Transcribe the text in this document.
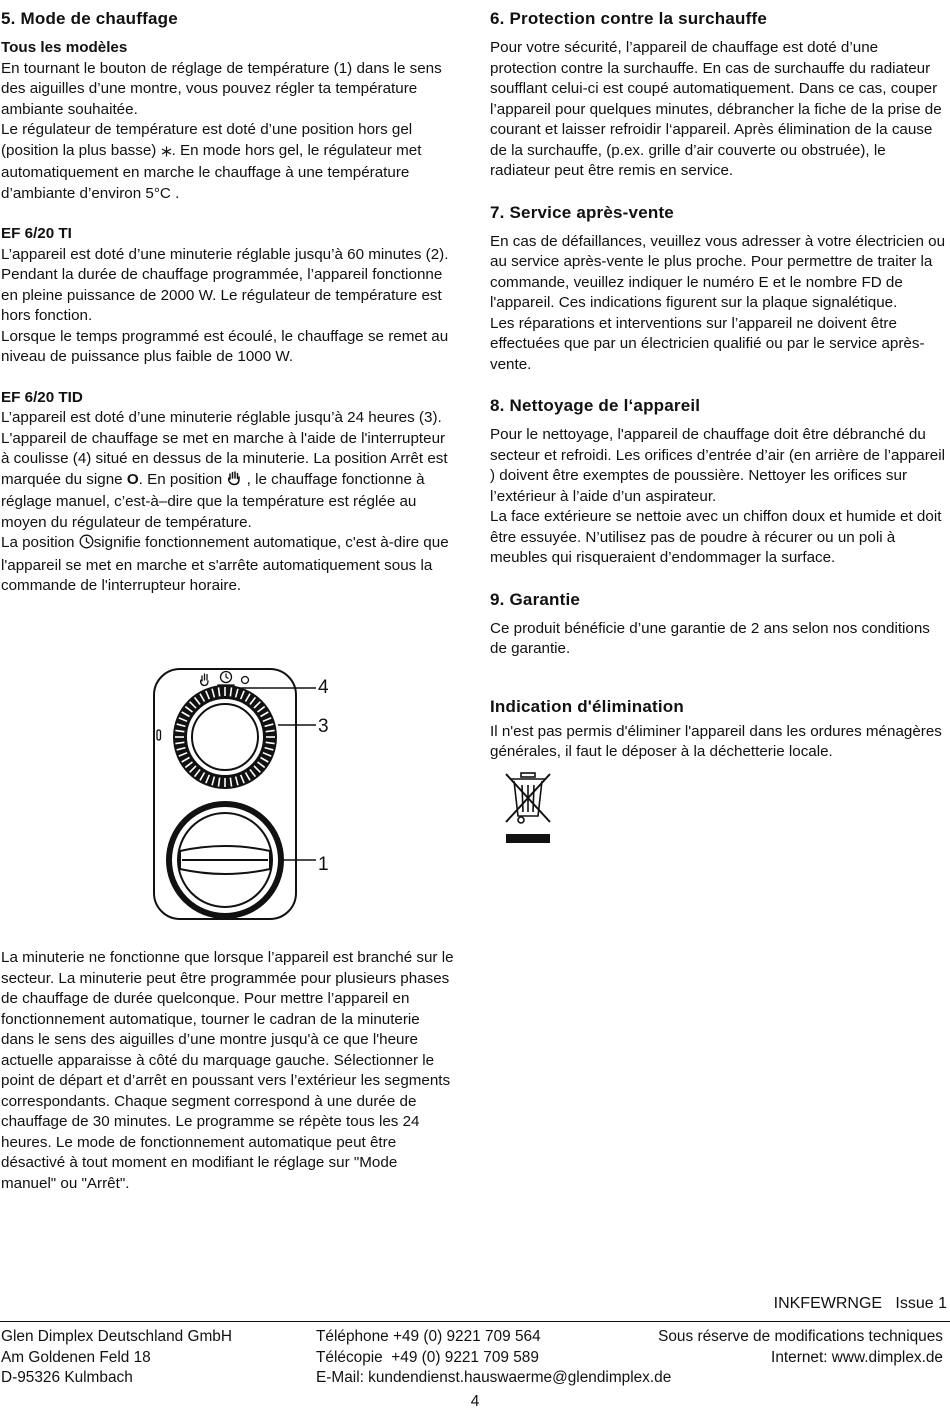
5. Mode de chauffage
Tous les modèles

En tournant le bouton de réglage de température (1) dans le sens des aiguilles d’une montre, vous pouvez régler ta température ambiante souhaitée.

Le régulateur de température est doté d’une position hors gel (position la plus basse) . En mode hors gel, le régulateur met automatiquement en marche le chauffage à une température d’ambiante d’environ 5°C .

EF 6/20 TI

L’appareil est doté d’une minuterie réglable jusqu’à 60 minutes (2).

Pendant la durée de chauffage programmée, l’appareil fonctionne en pleine puissance de 2000 W. Le régulateur de température est hors fonction.

Lorsque le temps programmé est écoulé, le chauffage se remet au niveau de puissance plus faible de 1000 W.

EF 6/20 TID

L’appareil est doté d’une minuterie réglable jusqu’à 24 heures (3).

L'appareil de chauffage se met en marche à l'aide de l'interrupteur à coulisse (4) situé en dessus de la minuterie. La position Arrêt est marquée du signe O. En position  , le chauffage fonctionne à réglage manuel, c’est-à–dire que la température est réglée au moyen du régulateur de température.

La position signifie fonctionnement automatique, c'est à-dire que l'appareil se met en marche et s'arrête automatiquement sous la commande de l'interrupteur horaire.

4
3
1

La minuterie ne fonctionne que lorsque l’appareil est branché sur le secteur. La minuterie peut être programmée pour plusieurs phases de chauffage de durée quelconque. Pour mettre l’appareil en fonctionnement automatique, tourner le cadran de la minuterie dans le sens des aiguilles d’une montre jusqu'à ce que l'heure actuelle apparaisse à côté du marquage gauche. Sélectionner le point de départ et d’arrêt en poussant vers l’extérieur les segments correspondants. Chaque segment correspond à une durée de chauffage de 30 minutes. Le programme se répète tous les 24 heures. Le mode de fonctionnement automatique peut être désactivé à tout moment en modifiant le réglage sur "Mode manuel" ou "Arrêt".

6. Protection contre la surchauffe

Pour votre sécurité, l’appareil de chauffage est doté d’une protection contre la surchauffe. En cas de surchauffe du radiateur soufflant celui-ci est coupé automatiquement. Dans ce cas, couper l’appareil pour quelques minutes, débrancher la fiche de la prise de courant et laisser refroidir l‘appareil. Après élimination de la cause de la surchauffe, (p.ex. grille d’air couverte ou obstruée), le radiateur peut être remis en service.

7. Service après-vente

En cas de défaillances, veuillez vous adresser à votre électricien ou au service après-vente le plus proche. Pour permettre de traiter la commande, veuillez indiquer le numéro E et le nombre FD de l'appareil. Ces indications figurent sur la plaque signalétique.

Les réparations et interventions sur l’appareil ne doivent être effectuées que par un électricien qualifié ou par le service après-vente.

8. Nettoyage de l‘appareil

Pour le nettoyage, l'appareil de chauffage doit être débranché du secteur et refroidi. Les orifices d’entrée d’air (en arrière de l’appareil ) doivent être exemptes de poussière. Nettoyer les orifices sur l’extérieur à l’aide d’un aspirateur.

La face extérieure se nettoie avec un chiffon doux et humide et doit être essuyée. N’utilisez pas de poudre à récurer ou un poli à meubles qui risqueraient d’endommager la surface.

9. Garantie

Ce produit bénéficie d’une garantie de 2 ans selon nos conditions de garantie.

Indication d'élimination

Il n'est pas permis d'éliminer l'appareil dans les ordures ménagères générales, il faut le déposer à la déchetterie locale.

INKFEWRNGE   Issue 1
Glen Dimplex Deutschland GmbH
Am Goldenen Feld 18
D-95326 Kulmbach
Téléphone +49 (0) 9221 709 564
Télécopie  +49 (0) 9221 709 589
E-Mail: kundendienst.hauswaerme@glendimplex.de
Sous réserve de modifications techniques
Internet: www.dimplex.de
4
